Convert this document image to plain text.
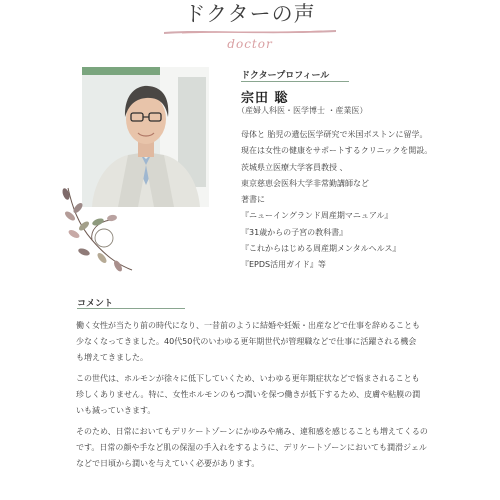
ドクターの声
doctor
ドクタープロフィール
宗田 聡
（産婦人科医・医学博士 ・産業医）
母体と 胎児の遺伝医学研究で米国ボストンに留学。
現在は女性の健康をサポートするクリニックを開設。
茨城県立医療大学客員教授 、
東京慈恵会医科大学非常勤講師など
著書に
『ニューイングランド周産期マニュアル』
『31歳からの子宮の教科書』
『これからはじめる周産期メンタルヘルス』
『EPDS活用ガイド』等
コメント
働く女性が当たり前の時代になり、一昔前のように結婚や妊娠・出産などで仕事を辞めることも
少なくなってきました。40代50代のいわゆる更年期世代が管理職などで仕事に活躍される機会
も増えてきました。
この世代は、ホルモンが徐々に低下していくため、いわゆる更年期症状などで悩まされることも
珍しくありません。特に、女性ホルモンのもつ潤いを保つ働きが低下するため、皮膚や粘膜の潤
いも減っていきます。
そのため、日常においてもデリケートゾーンにかゆみや痛み、違和感を感じることも増えてくるの
です。日常の顔や手など肌の保湿の手入れをするように、デリケートゾーンにおいても潤滑ジェル
などで日頃から潤いを与えていく必要があります。
